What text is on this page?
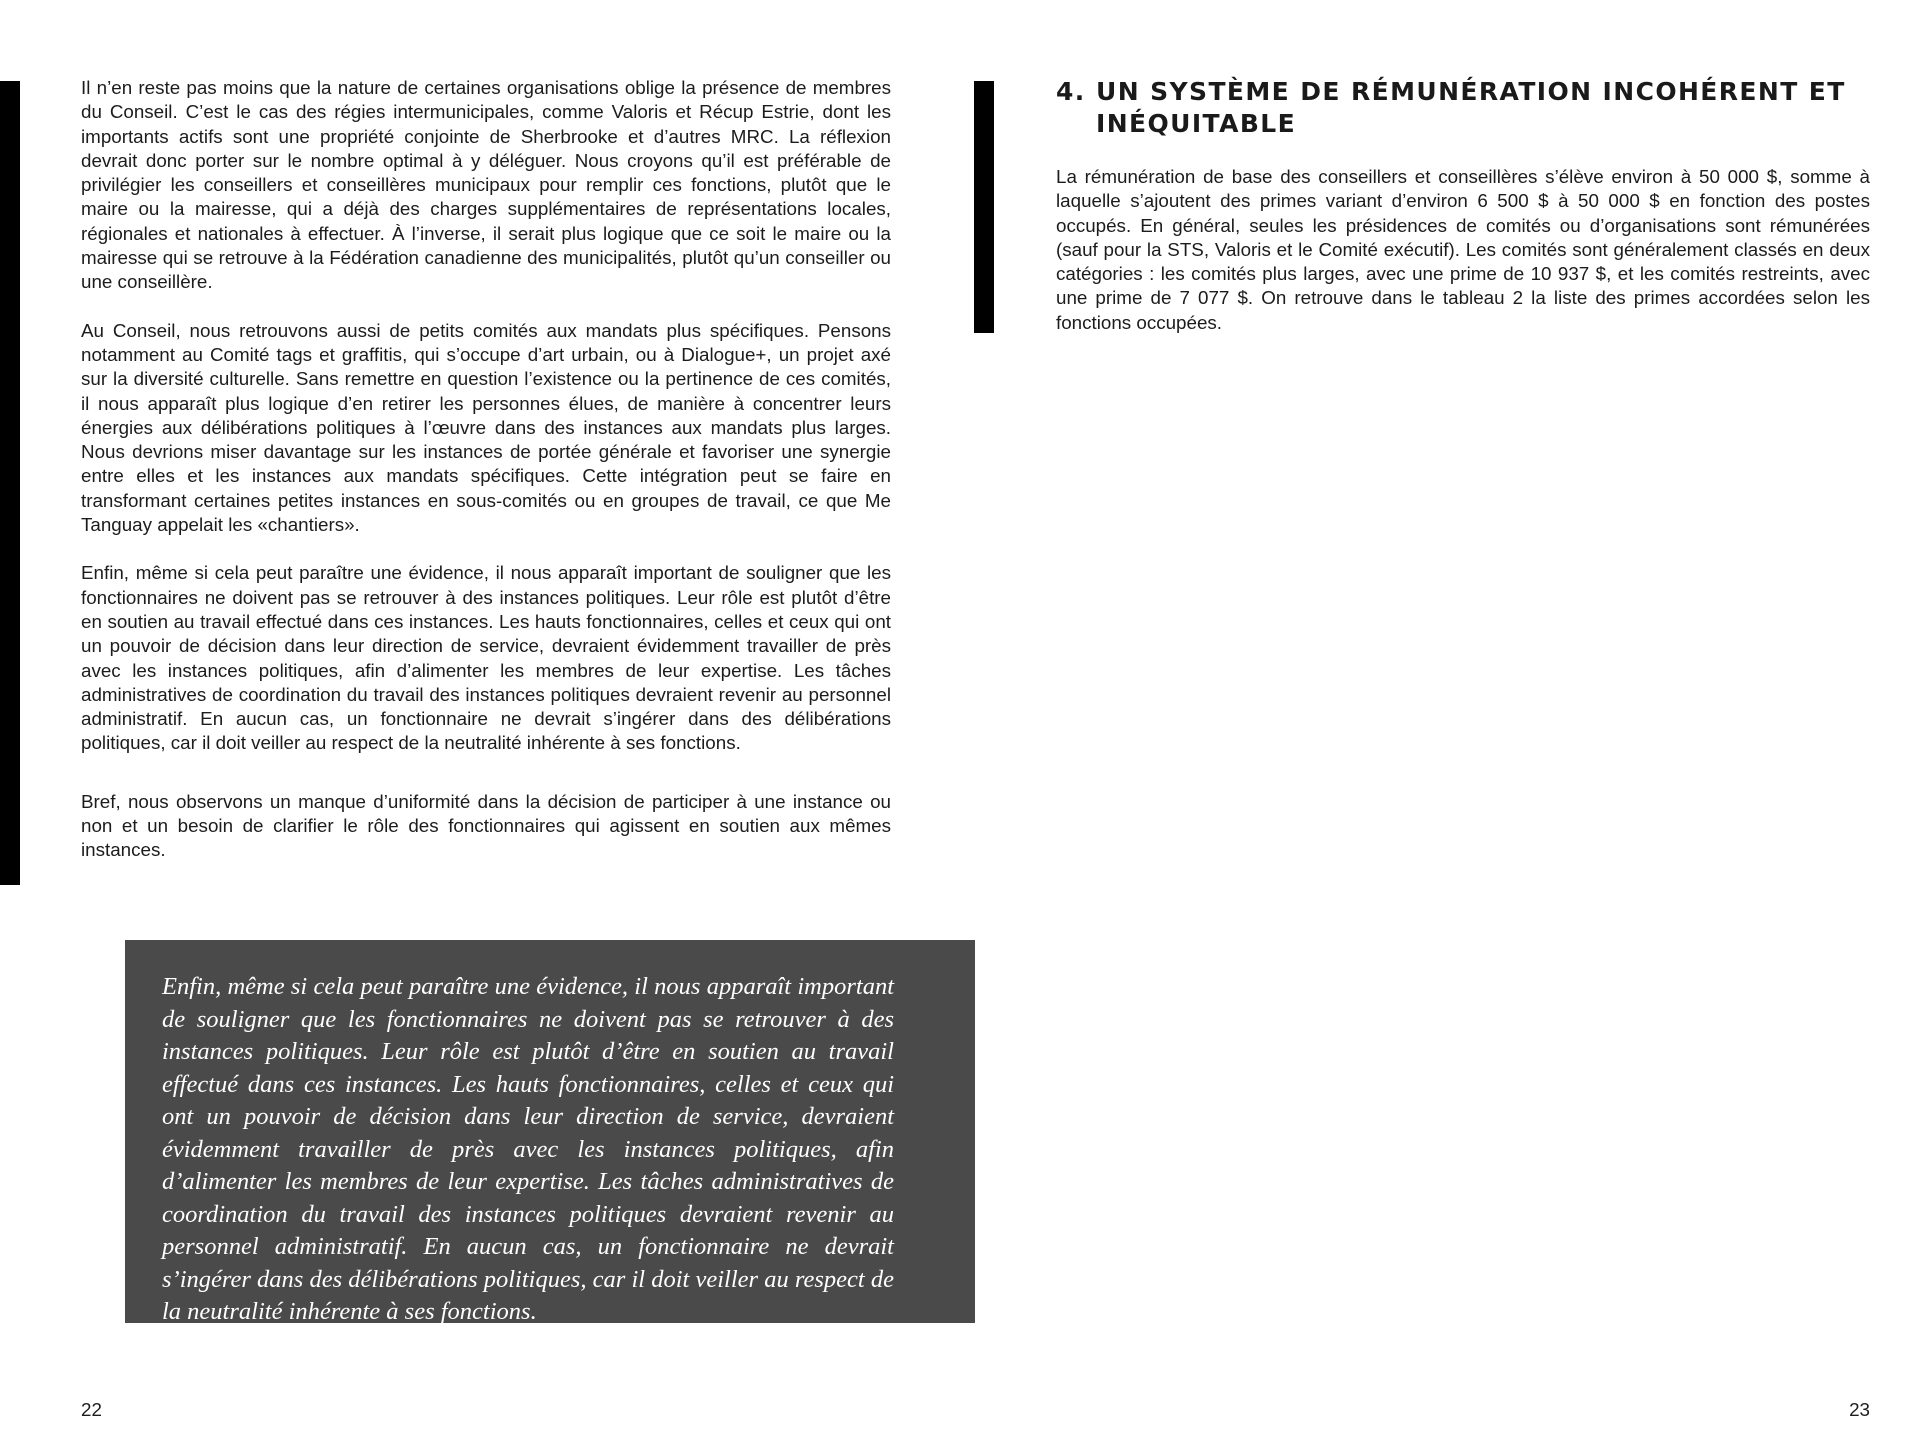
Il n’en reste pas moins que la nature de certaines organisations oblige la présence de membres du Conseil. C’est le cas des régies intermunicipales, comme Valoris et Récup Estrie, dont les importants actifs sont une propriété conjointe de Sherbrooke et d’autres MRC. La réflexion devrait donc porter sur le nombre optimal à y déléguer. Nous croyons qu’il est préférable de privilégier les conseillers et conseillères municipaux pour remplir ces fonctions, plutôt que le maire ou la mairesse, qui a déjà des charges supplémentaires de représentations locales, régionales et nationales à effectuer. À l’inverse, il serait plus logique que ce soit le maire ou la mairesse qui se retrouve à la Fédération canadienne des municipalités, plutôt qu’un conseiller ou une conseillère.

Au Conseil, nous retrouvons aussi de petits comités aux mandats plus spécifiques. Pensons notamment au Comité tags et graffitis, qui s’occupe d’art urbain, ou à Dialogue+, un projet axé sur la diversité culturelle. Sans remettre en question l’existence ou la pertinence de ces comités, il nous apparaît plus logique d’en retirer les personnes élues, de manière à concentrer leurs énergies aux délibérations politiques à l’œuvre dans des instances aux mandats plus larges. Nous devrions miser davantage sur les instances de portée générale et favoriser une synergie entre elles et les instances aux mandats spécifiques. Cette intégration peut se faire en transformant certaines petites instances en sous-comités ou en groupes de travail, ce que Me Tanguay appelait les «chantiers».

Enfin, même si cela peut paraître une évidence, il nous apparaît important de souligner que les fonctionnaires ne doivent pas se retrouver à des instances politiques. Leur rôle est plutôt d’être en soutien au travail effectué dans ces instances. Les hauts fonctionnaires, celles et ceux qui ont un pouvoir de décision dans leur direction de service, devraient évidemment travailler de près avec les instances politiques, afin d’alimenter les membres de leur expertise. Les tâches administratives de coordination du travail des instances politiques devraient revenir au personnel administratif. En aucun cas, un fonctionnaire ne devrait s’ingérer dans des délibérations politiques, car il doit veiller au respect de la neutralité inhérente à ses fonctions.

Bref, nous observons un manque d’uniformité dans la décision de participer à une instance ou non et un besoin de clarifier le rôle des fonctionnaires qui agissent en soutien aux mêmes instances.

Enfin, même si cela peut paraître une évidence, il nous apparaît important de souligner que les fonctionnaires ne doivent pas se retrouver à des instances politiques. Leur rôle est plutôt d’être en soutien au travail effectué dans ces instances. Les hauts fonctionnaires, celles et ceux qui ont un pouvoir de décision dans leur direction de service, devraient évidemment travailler de près avec les instances politiques, afin d’alimenter les membres de leur expertise. Les tâches administratives de coordination du travail des instances politiques devraient revenir au personnel administratif. En aucun cas, un fonctionnaire ne devrait s’ingérer dans des délibérations politiques, car il doit veiller au respect de la neutralité inhérente à ses fonctions.

4. UN SYSTÈME DE RÉMUNÉRATION INCOHÉRENT ET INÉQUITABLE

La rémunération de base des conseillers et conseillères s’élève environ à 50 000 $, somme à laquelle s’ajoutent des primes variant d’environ 6 500 $ à 50 000 $ en fonction des postes occupés. En général, seules les présidences de comités ou d’organisations sont rémunérées (sauf pour la STS, Valoris et le Comité exécutif). Les comités sont généralement classés en deux catégories : les comités plus larges, avec une prime de 10 937 $, et les comités restreints, avec une prime de 7 077 $. On retrouve dans le tableau 2 la liste des primes accordées selon les fonctions occupées.

22	23
